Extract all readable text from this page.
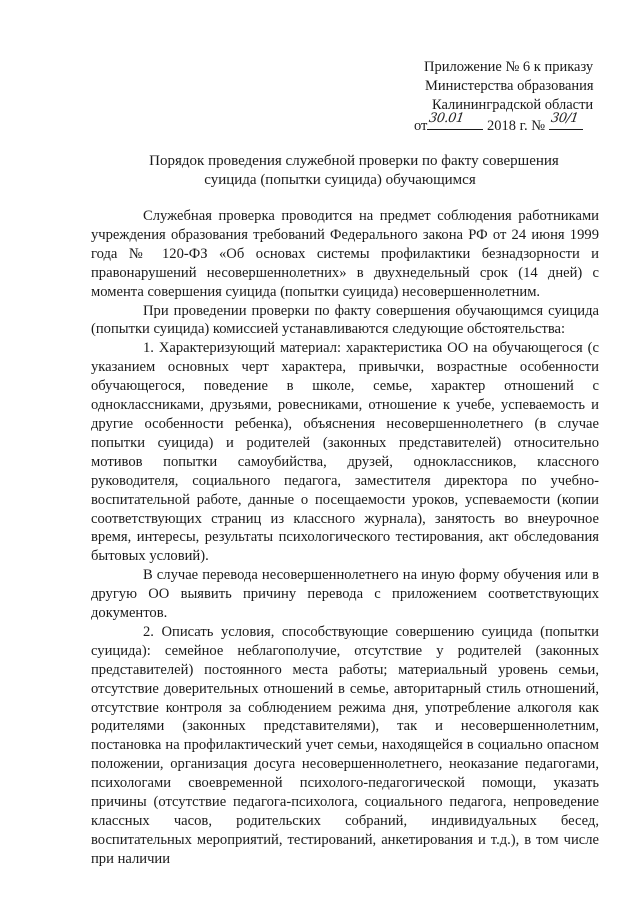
Приложение № 6 к приказу
Министерства образования
Калининградской области
от 30.01 2018 г. № 30/1
Порядок проведения служебной проверки по факту совершения
суицида (попытки суицида) обучающимся

Служебная проверка проводится на предмет соблюдения работниками учреждения образования требований Федерального закона РФ от 24 июня 1999 года № 120-ФЗ «Об основах системы профилактики безнадзорности и правонарушений несовершеннолетних» в двухнедельный срок (14 дней) с момента совершения суицида (попытки суицида) несовершеннолетним.

При проведении проверки по факту совершения обучающимся суицида (попытки суицида) комиссией устанавливаются следующие обстоятельства:

1. Характеризующий материал: характеристика ОО на обучающегося (с указанием основных черт характера, привычки, возрастные особенности обучающегося, поведение в школе, семье, характер отношений с одноклассниками, друзьями, ровесниками, отношение к учебе, успеваемость и другие особенности ребенка), объяснения несовершеннолетнего (в случае попытки суицида) и родителей (законных представителей) относительно мотивов попытки самоубийства, друзей, одноклассников, классного руководителя, социального педагога, заместителя директора по учебно-воспитательной работе, данные о посещаемости уроков, успеваемости (копии соответствующих страниц из классного журнала), занятость во внеурочное время, интересы, результаты психологического тестирования, акт обследования бытовых условий).

В случае перевода несовершеннолетнего на иную форму обучения или в другую ОО выявить причину перевода с приложением соответствующих документов.

2. Описать условия, способствующие совершению суицида (попытки суицида): семейное неблагополучие, отсутствие у родителей (законных представителей) постоянного места работы; материальный уровень семьи, отсутствие доверительных отношений в семье, авторитарный стиль отношений, отсутствие контроля за соблюдением режима дня, употребление алкоголя как родителями (законных представителями), так и несовершеннолетним, постановка на профилактический учет семьи, находящейся в социально опасном положении, организация досуга несовершеннолетнего, неоказание педагогами, психологами своевременной психолого-педагогической помощи, указать причины (отсутствие педагога-психолога, социального педагога, непроведение классных часов, родительских собраний, индивидуальных бесед, воспитательных мероприятий, тестирований, анкетирования и т.д.), в том числе при наличии
